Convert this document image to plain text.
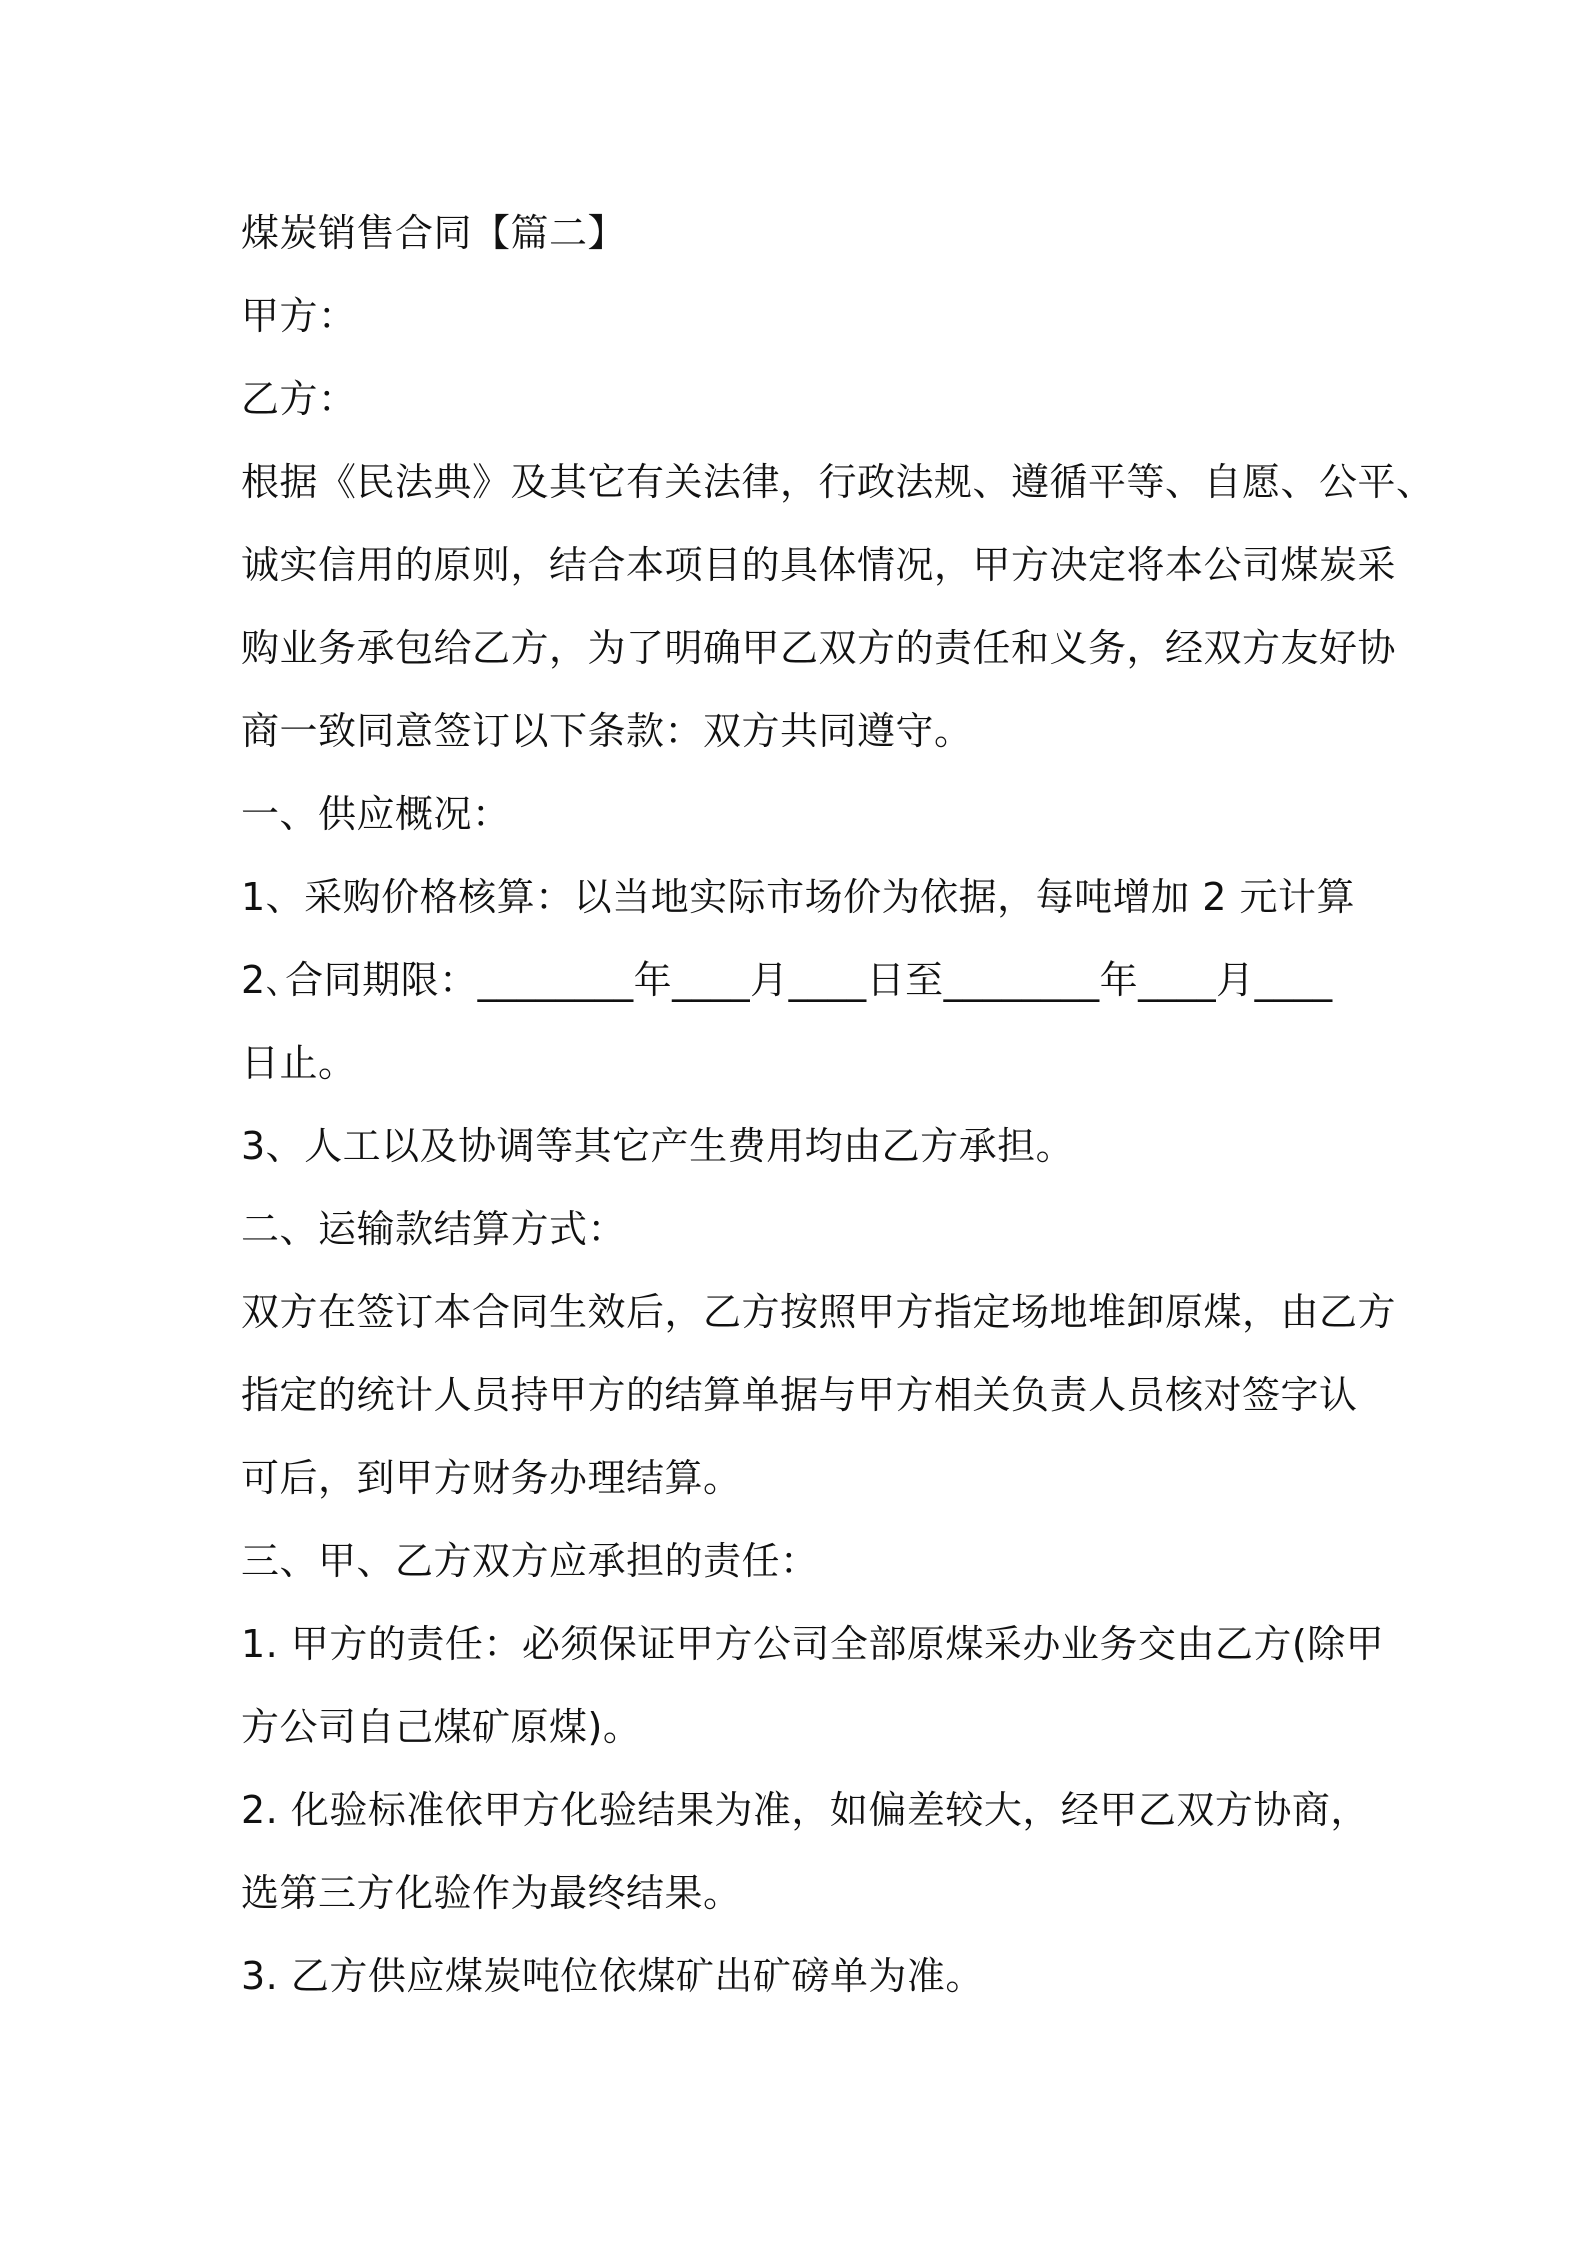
煤炭销售合同【篇二】
甲方：
乙方：
根据《民法典》及其它有关法律，行政法规、遵循平等、自愿、公平、
诚实信用的原则，结合本项目的具体情况，甲方决定将本公司煤炭采
购业务承包给乙方，为了明确甲乙双方的责任和义务，经双方友好协
商一致同意签订以下条款：双方共同遵守。
一、供应概况：
1、采购价格核算：以当地实际市场价为依据，每吨增加 2 元计算
2､合同期限：________年____月____日至________年____月____
日止。
3、人工以及协调等其它产生费用均由乙方承担。
二、运输款结算方式：
双方在签订本合同生效后，乙方按照甲方指定场地堆卸原煤，由乙方
指定的统计人员持甲方的结算单据与甲方相关负责人员核对签字认
可后，到甲方财务办理结算。
三、甲、乙方双方应承担的责任：
1. 甲方的责任：必须保证甲方公司全部原煤采办业务交由乙方(除甲
方公司自己煤矿原煤)。
2. 化验标准依甲方化验结果为准，如偏差较大，经甲乙双方协商，
选第三方化验作为最终结果。
3. 乙方供应煤炭吨位依煤矿出矿磅单为准。
